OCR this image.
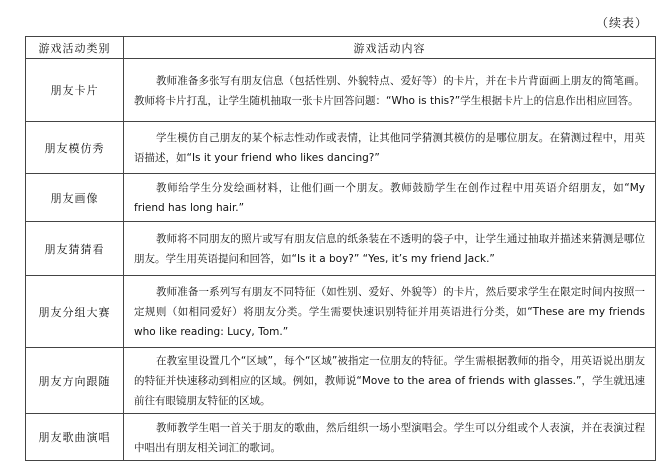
（续表）
游戏活动类别	游戏活动内容
朋友卡片	教师准备多张写有朋友信息（包括性别、外貌特点、爱好等）的卡片，并在卡片背面画上朋友的简笔画。教师将卡片打乱，让学生随机抽取一张卡片回答问题：“Who is this?”学生根据卡片上的信息作出相应回答。

朋友模仿秀	学生模仿自己朋友的某个标志性动作或表情，让其他同学猜测其模仿的是哪位朋友。在猜测过程中，用英语描述，如“Is it your friend who likes dancing?”

朋友画像	教师给学生分发绘画材料，让他们画一个朋友。教师鼓励学生在创作过程中用英语介绍朋友，如“My friend has long hair.”

朋友猜猜看	教师将不同朋友的照片或写有朋友信息的纸条装在不透明的袋子中，让学生通过抽取并描述来猜测是哪位朋友。学生用英语提问和回答，如“Is it a boy?” “Yes, it’s my friend Jack.”

朋友分组大赛	教师准备一系列写有朋友不同特征（如性别、爱好、外貌等）的卡片，然后要求学生在限定时间内按照一定规则（如相同爱好）将朋友分类。学生需要快速识别特征并用英语进行分类，如“These are my friends who like reading: Lucy, Tom.”

朋友方向跟随	在教室里设置几个“区域”，每个“区域”被指定一位朋友的特征。学生需根据教师的指令，用英语说出朋友的特征并快速移动到相应的区域。例如，教师说“Move to the area of friends with glasses.”，学生就迅速前往有眼镜朋友特征的区域。

朋友歌曲演唱	教师教学生唱一首关于朋友的歌曲，然后组织一场小型演唱会。学生可以分组或个人表演，并在表演过程中唱出有朋友相关词汇的歌词。
